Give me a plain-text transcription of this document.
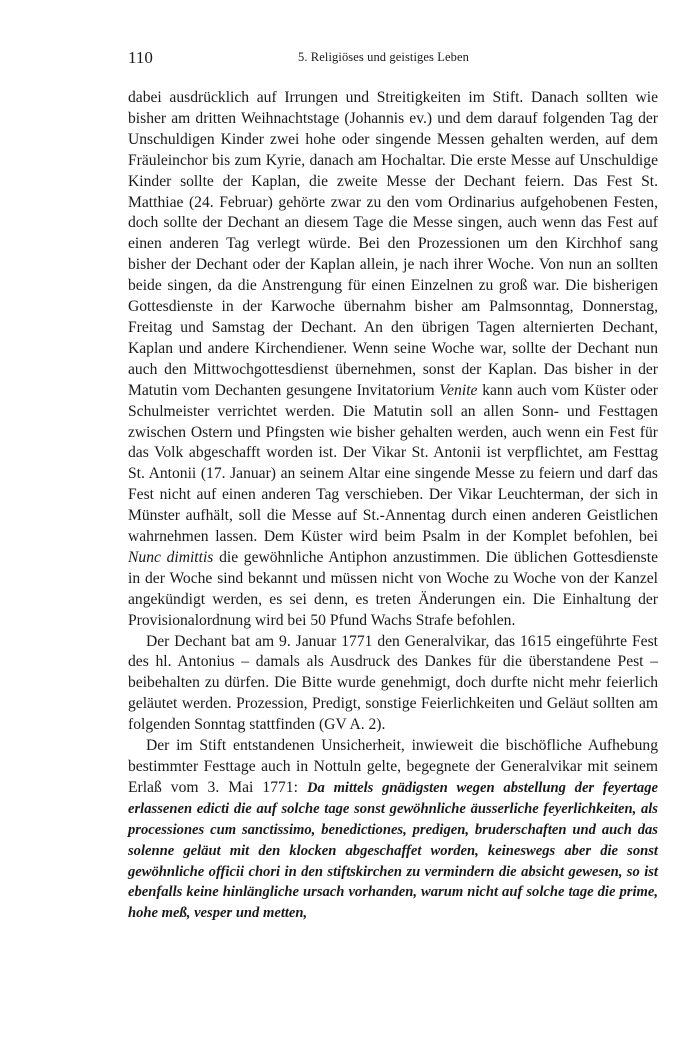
110	5. Religiöses und geistiges Leben

dabei ausdrücklich auf Irrungen und Streitigkeiten im Stift. Danach sollten wie bisher am dritten Weihnachtstage (Johannis ev.) und dem darauf folgenden Tag der Unschuldigen Kinder zwei hohe oder singende Messen gehalten werden, auf dem Fräuleinchor bis zum Kyrie, danach am Hochaltar. Die erste Messe auf Unschuldige Kinder sollte der Kaplan, die zweite Messe der Dechant feiern. Das Fest St. Matthiae (24. Februar) gehörte zwar zu den vom Ordinarius aufgehobenen Festen, doch sollte der Dechant an diesem Tage die Messe singen, auch wenn das Fest auf einen anderen Tag verlegt würde. Bei den Prozessionen um den Kirchhof sang bisher der Dechant oder der Kaplan allein, je nach ihrer Woche. Von nun an sollten beide singen, da die Anstrengung für einen Einzelnen zu groß war. Die bisherigen Gottesdienste in der Karwoche übernahm bisher am Palmsonntag, Donnerstag, Freitag und Samstag der Dechant. An den übrigen Tagen alternierten Dechant, Kaplan und andere Kirchendiener. Wenn seine Woche war, sollte der Dechant nun auch den Mittwochgottesdienst übernehmen, sonst der Kaplan. Das bisher in der Matutin vom Dechanten gesungene Invitatorium Venite kann auch vom Küster oder Schulmeister verrichtet werden. Die Matutin soll an allen Sonn- und Festtagen zwischen Ostern und Pfingsten wie bisher gehalten werden, auch wenn ein Fest für das Volk abgeschafft worden ist. Der Vikar St. Antonii ist verpflichtet, am Festtag St. Antonii (17. Januar) an seinem Altar eine singende Messe zu feiern und darf das Fest nicht auf einen anderen Tag verschieben. Der Vikar Leuchterman, der sich in Münster aufhält, soll die Messe auf St.-Annentag durch einen anderen Geistlichen wahrnehmen lassen. Dem Küster wird beim Psalm in der Komplet befohlen, bei Nunc dimittis die gewöhnliche Antiphon anzustimmen. Die üblichen Gottesdienste in der Woche sind bekannt und müssen nicht von Woche zu Woche von der Kanzel angekündigt werden, es sei denn, es treten Änderungen ein. Die Einhaltung der Provisionalordnung wird bei 50 Pfund Wachs Strafe befohlen.

Der Dechant bat am 9. Januar 1771 den Generalvikar, das 1615 eingeführte Fest des hl. Antonius – damals als Ausdruck des Dankes für die überstandene Pest – beibehalten zu dürfen. Die Bitte wurde genehmigt, doch durfte nicht mehr feierlich geläutet werden. Prozession, Predigt, sonstige Feierlichkeiten und Geläut sollten am folgenden Sonntag stattfinden (GV A. 2).

Der im Stift entstandenen Unsicherheit, inwieweit die bischöfliche Aufhebung bestimmter Festtage auch in Nottuln gelte, begegnete der Generalvikar mit seinem Erlaß vom 3. Mai 1771: Da mittels gnädigsten wegen abstellung der feyertage erlassenen edicti die auf solche tage sonst gewöhnliche äusserliche feyerlichkeiten, als processiones cum sanctissimo, benedictiones, predigen, bruderschaften und auch das solenne geläut mit den klocken abgeschaffet worden, keineswegs aber die sonst gewöhnliche officii chori in den stiftskirchen zu vermindern die absicht gewesen, so ist ebenfalls keine hinlängliche ursach vorhanden, warum nicht auf solche tage die prime, hohe meß, vesper und metten,
